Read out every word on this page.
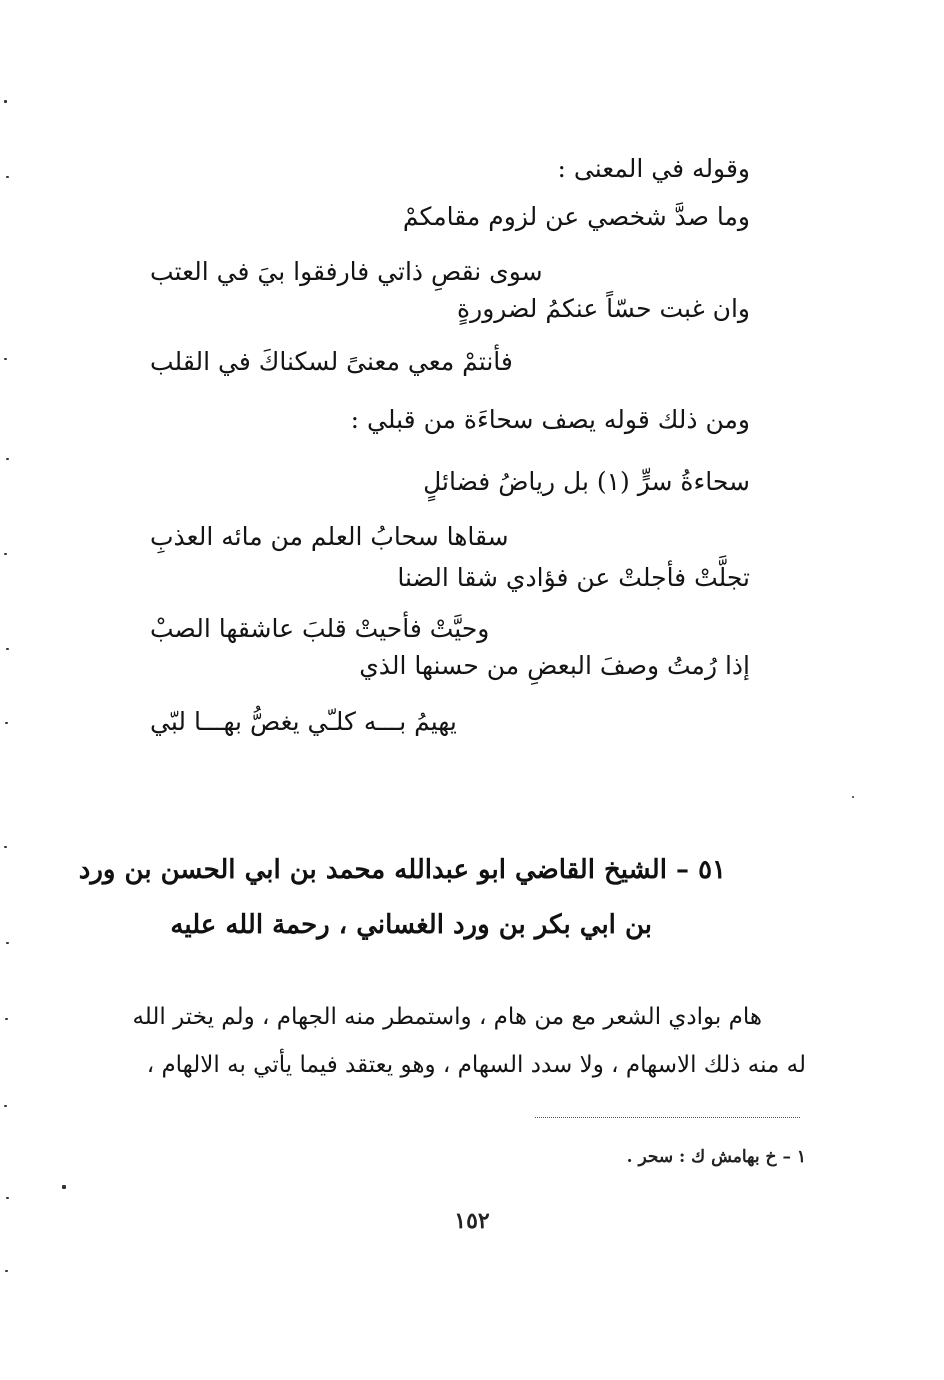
وقوله في المعنى :
وما صدَّ شخصي عن لزوم مقامكمْ
سوى نقصِ ذاتي فارفقوا بيَ في العتب
وان غبت حسّاً عنكمُ لضرورةٍ
فأنتمْ معي معنىً لسكناكَ في القلب
ومن ذلك قوله يصف سحاءَة من قبلي :
سحاءةُ سرٍّ (١) بل رياضُ فضائلٍ
سقاها سحابُ العلم من مائه العذبِ
تجلَّتْ فأجلتْ عن فؤادي شقا الضنا
وحيَّتْ فأحيتْ قلبَ عاشقها الصبْ
إذا رُمتُ وصفَ البعضِ من حسنها الذي
يهيمُ بـــه كلـّي يغصُّ بهـــا لبّي
٥١ – الشيخ القاضي ابو عبدالله محمد بن ابي الحسن بن ورد
بن ابي بكر بن ورد الغساني ، رحمة الله عليه
هام بوادي الشعر مع من هام ، واستمطر منه الجهام ، ولم يختر الله
له منه ذلك الاسهام ، ولا سدد السهام ، وهو يعتقد فيما يأتي به الالهام ،
١ – خ بهامش ك : سحر .
١٥٢
